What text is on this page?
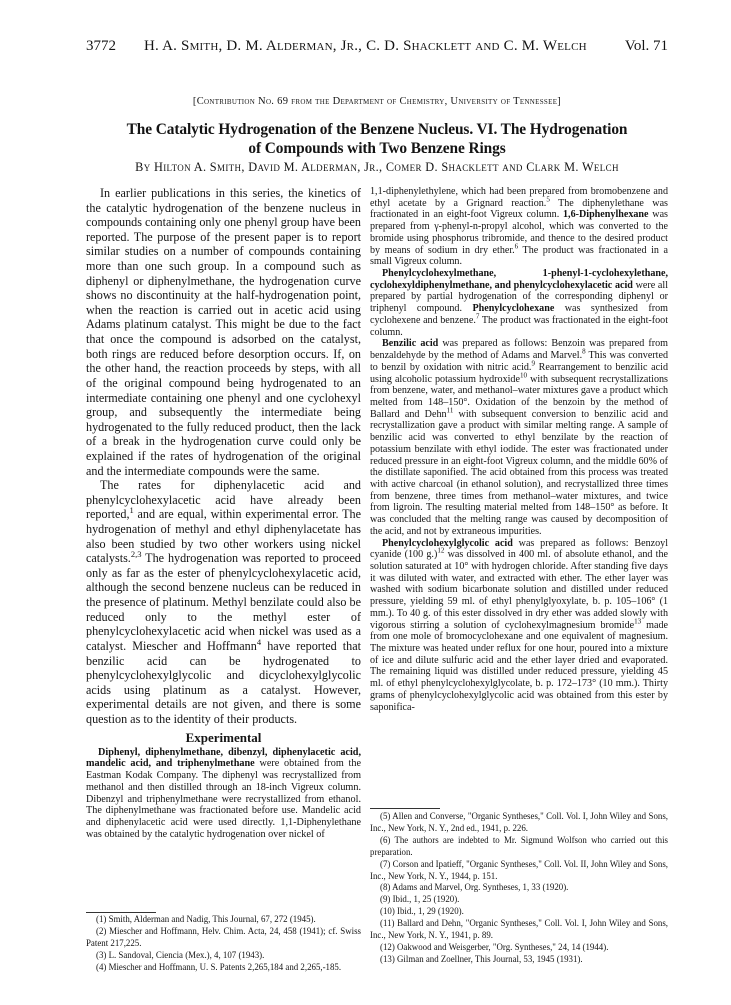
3772 H. A. Smith, D. M. Alderman, Jr., C. D. Shacklett and C. M. Welch	Vol. 71
[Contribution No. 69 from the Department of Chemistry, University of Tennessee]
The Catalytic Hydrogenation of the Benzene Nucleus. VI. The Hydrogenation
of Compounds with Two Benzene Rings
By Hilton A. Smith, David M. Alderman, Jr., Comer D. Shacklett and Clark M. Welch

In earlier publications in this series, the kinetics of the catalytic hydrogenation of the benzene nucleus in compounds containing only one phenyl group have been reported. The purpose of the present paper is to report similar studies on a number of compounds containing more than one such group. In a compound such as diphenyl or diphenylmethane, the hydrogenation curve shows no discontinuity at the half-hydrogenation point, when the reaction is carried out in acetic acid using Adams platinum catalyst. This might be due to the fact that once the compound is adsorbed on the catalyst, both rings are reduced before desorption occurs. If, on the other hand, the reaction proceeds by steps, with all of the original compound being hydrogenated to an intermediate containing one phenyl and one cyclohexyl group, and subsequently the intermediate being hydrogenated to the fully reduced product, then the lack of a break in the hydrogenation curve could only be explained if the rates of hydrogenation of the original and the intermediate compounds were the same.

The rates for diphenylacetic acid and phenylcyclohexylacetic acid have already been reported,$^1$ and are equal, within experimental error. The hydrogenation of methyl and ethyl diphenylacetate has also been studied by two other workers using nickel catalysts.$^{2,3}$ The hydrogenation was reported to proceed only as far as the ester of phenylcyclohexylacetic acid, although the second benzene nucleus can be reduced in the presence of platinum. Methyl benzilate could also be reduced only to the methyl ester of phenylcyclohexylacetic acid when nickel was used as a catalyst. Miescher and Hoffmann$^4$ have reported that benzilic acid can be hydrogenated to phenylcyclohexylglycolic and dicyclohexylglycolic acids using platinum as a catalyst. However, experimental details are not given, and there is some question as to the identity of their products.

Experimental

Diphenyl, diphenylmethane, dibenzyl, diphenylacetic acid, mandelic acid, and triphenylmethane were obtained from the Eastman Kodak Company. The diphenyl was recrystallized from methanol and then distilled through an 18-inch Vigreux column. Dibenzyl and triphenylmethane were recrystallized from ethanol. The diphenylmethane was fractionated before use. Mandelic acid and diphenylacetic acid were used directly. 1,1-Diphenylethane was obtained by the catalytic hydrogenation over nickel of

(1) Smith, Alderman and Nadig, This Journal, 67, 272 (1945).

(2) Miescher and Hoffmann, Helv. Chim. Acta, 24, 458 (1941); cf. Swiss Patent 217,225.

(3) L. Sandoval, Ciencia (Mex.), 4, 107 (1943).

(4) Miescher and Hoffmann, U. S. Patents 2,265,184 and 2,265,-185.

1,1-diphenylethylene, which had been prepared from bromobenzene and ethyl acetate by a Grignard reaction.$^5$ The diphenylethane was fractionated in an eight-foot Vigreux column. 1,6-Diphenylhexane was prepared from γ-phenyl-n-propyl alcohol, which was converted to the bromide using phosphorus tribromide, and thence to the desired product by means of sodium in dry ether.$^6$ The product was fractionated in a small Vigreux column.

Phenylcyclohexylmethane, 1-phenyl-1-cyclohexylethane, cyclohexyldiphenylmethane, and phenylcyclohexylacetic acid were all prepared by partial hydrogenation of the corresponding diphenyl or triphenyl compound. Phenylcyclohexane was synthesized from cyclohexene and benzene.$^7$ The product was fractionated in the eight-foot column.

Benzilic acid was prepared as follows: Benzoin was prepared from benzaldehyde by the method of Adams and Marvel.$^8$ This was converted to benzil by oxidation with nitric acid.$^9$ Rearrangement to benzilic acid using alcoholic potassium hydroxide$^{10}$ with subsequent recrystallizations from benzene, water, and methanol–water mixtures gave a product which melted from 148–150°. Oxidation of the benzoin by the method of Ballard and Dehn$^{11}$ with subsequent conversion to benzilic acid and recrystallization gave a product with similar melting range. A sample of benzilic acid was converted to ethyl benzilate by the reaction of potassium benzilate with ethyl iodide. The ester was fractionated under reduced pressure in an eight-foot Vigreux column, and the middle 60% of the distillate saponified. The acid obtained from this process was treated with active charcoal (in ethanol solution), and recrystallized three times from benzene, three times from methanol–water mixtures, and twice from ligroin. The resulting material melted from 148–150° as before. It was concluded that the melting range was caused by decomposition of the acid, and not by extraneous impurities.

Phenylcyclohexylglycolic acid was prepared as follows: Benzoyl cyanide (100 g.)$^{12}$ was dissolved in 400 ml. of absolute ethanol, and the solution saturated at 10° with hydrogen chloride. After standing five days it was diluted with water, and extracted with ether. The ether layer was washed with sodium bicarbonate solution and distilled under reduced pressure, yielding 59 ml. of ethyl phenylglyoxylate, b. p. 105–106° (1 mm.). To 40 g. of this ester dissolved in dry ether was added slowly with vigorous stirring a solution of cyclohexylmagnesium bromide$^{13}$ made from one mole of bromocyclohexane and one equivalent of magnesium. The mixture was heated under reflux for one hour, poured into a mixture of ice and dilute sulfuric acid and the ether layer dried and evaporated. The remaining liquid was distilled under reduced pressure, yielding 45 ml. of ethyl phenylcyclohexylglycolate, b. p. 172–173° (10 mm.). Thirty grams of phenylcyclohexylglycolic acid was obtained from this ester by saponifica-

(5) Allen and Converse, "Organic Syntheses," Coll. Vol. I, John Wiley and Sons, Inc., New York, N. Y., 2nd ed., 1941, p. 226.

(6) The authors are indebted to Mr. Sigmund Wolfson who carried out this preparation.

(7) Corson and Ipatieff, "Organic Syntheses," Coll. Vol. II, John Wiley and Sons, Inc., New York, N. Y., 1944, p. 151.

(8) Adams and Marvel, Org. Syntheses, 1, 33 (1920).

(9) Ibid., 1, 25 (1920).

(10) Ibid., 1, 29 (1920).

(11) Ballard and Dehn, "Organic Syntheses," Coll. Vol. I, John Wiley and Sons, Inc., New York, N. Y., 1941, p. 89.

(12) Oakwood and Weisgerber, "Org. Syntheses," 24, 14 (1944).

(13) Gilman and Zoellner, This Journal, 53, 1945 (1931).
